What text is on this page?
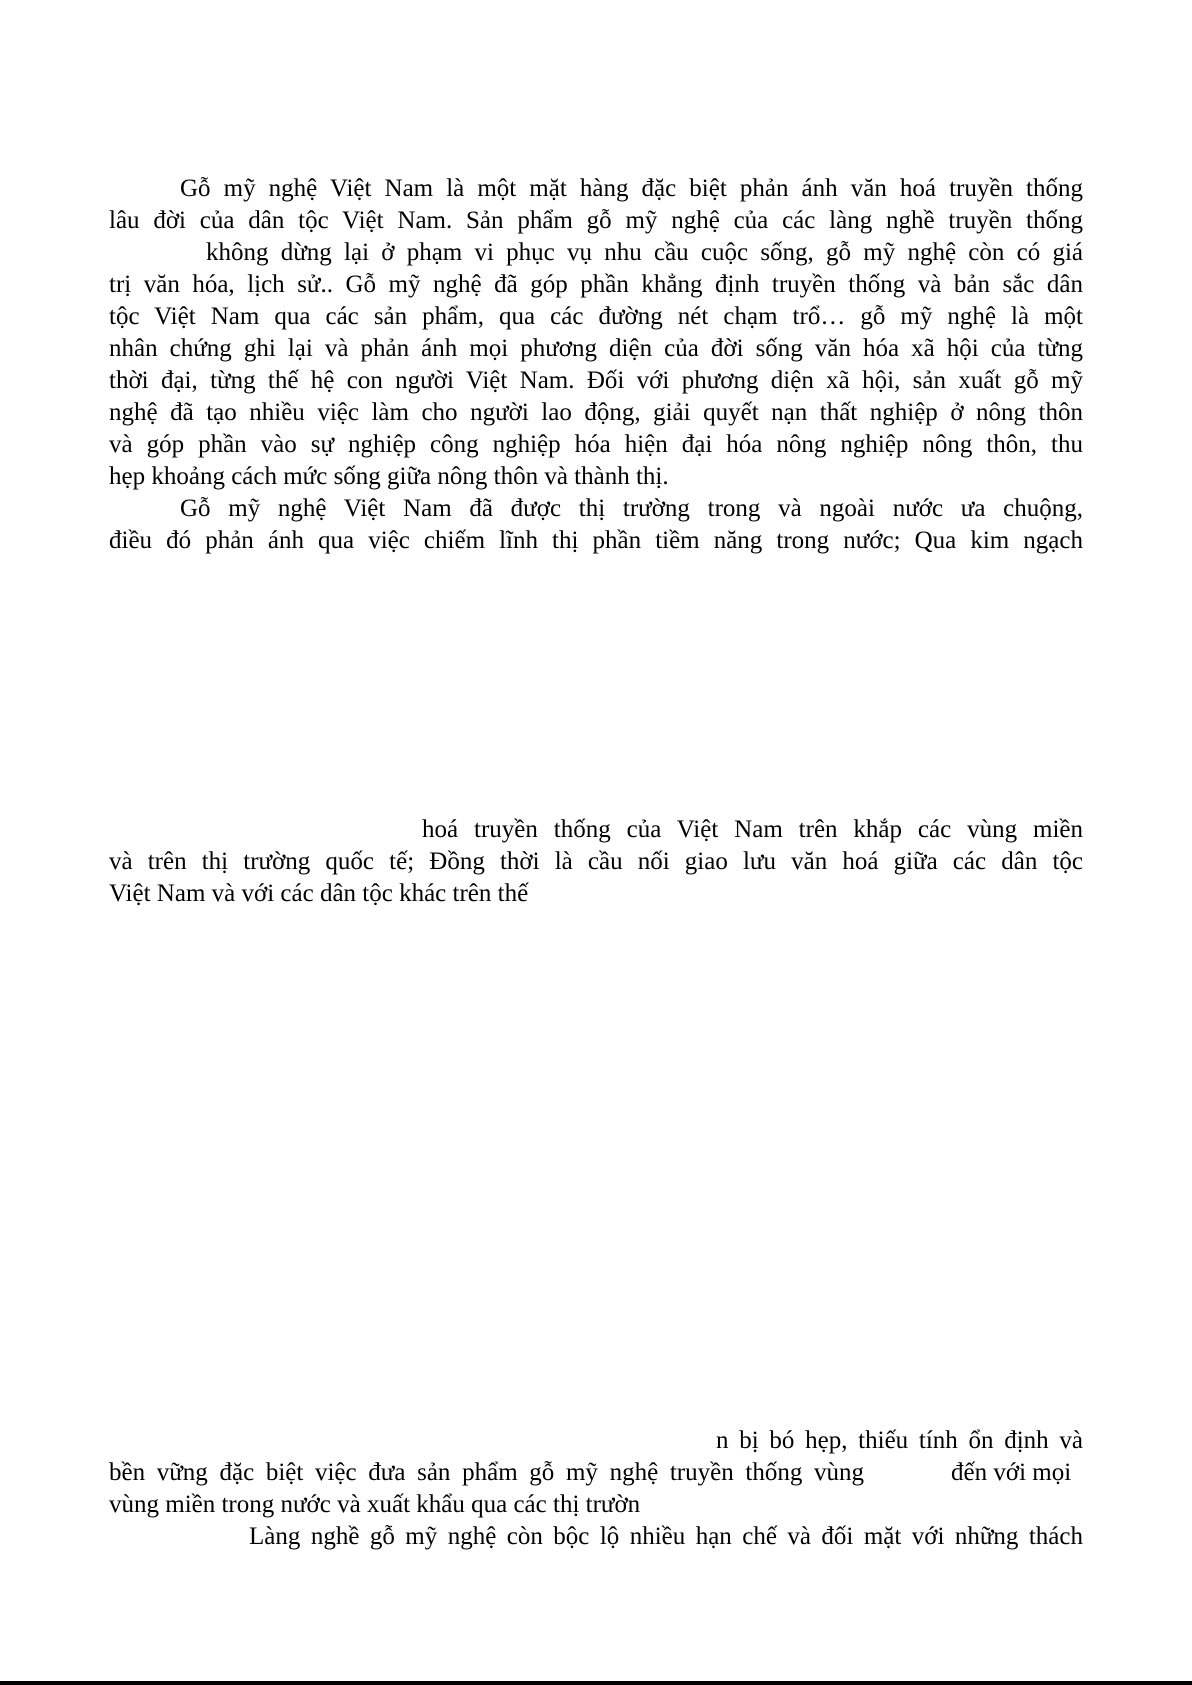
Gỗ mỹ nghệ Việt Nam là một mặt hàng đặc biệt phản ánh văn hoá truyền thống
lâu đời của dân tộc Việt Nam. Sản phẩm gỗ mỹ nghệ của các làng nghề truyền thống
không dừng lại ở phạm vi phục vụ nhu cầu cuộc sống, gỗ mỹ nghệ còn có giá
trị văn hóa, lịch sử.. Gỗ mỹ nghệ đã góp phần khẳng định truyền thống và bản sắc dân
tộc Việt Nam qua các sản phẩm, qua các đường nét chạm trổ… gỗ mỹ nghệ là một
nhân chứng ghi lại và phản ánh mọi phương diện của đời sống văn hóa xã hội của từng
thời đại, từng thế hệ con người Việt Nam. Đối với phương diện xã hội, sản xuất gỗ mỹ
nghệ đã tạo nhiều việc làm cho người lao động, giải quyết nạn thất nghiệp ở nông thôn
và góp phần vào sự nghiệp công nghiệp hóa hiện đại hóa nông nghiệp nông thôn, thu
hẹp khoảng cách mức sống giữa nông thôn và thành thị.
Gỗ mỹ nghệ Việt Nam đã được thị trường trong và ngoài nước ưa chuộng,
điều đó phản ánh qua việc chiếm lĩnh thị phần tiềm năng trong nước; Qua kim ngạch
hoá truyền thống của Việt Nam trên khắp các vùng miền
và trên thị trường quốc tế; Đồng thời là cầu nối giao lưu văn hoá giữa các dân tộc
Việt Nam và với các dân tộc khác trên thế
n bị bó hẹp, thiếu tính ổn định và
bền vững đặc biệt việc đưa sản phẩm gỗ mỹ nghệ truyền thống vùng	đến với mọi
vùng miền trong nước và xuất khẩu qua các thị trườn
Làng nghề gỗ mỹ nghệ còn bộc lộ nhiều hạn chế và đối mặt với những thách
